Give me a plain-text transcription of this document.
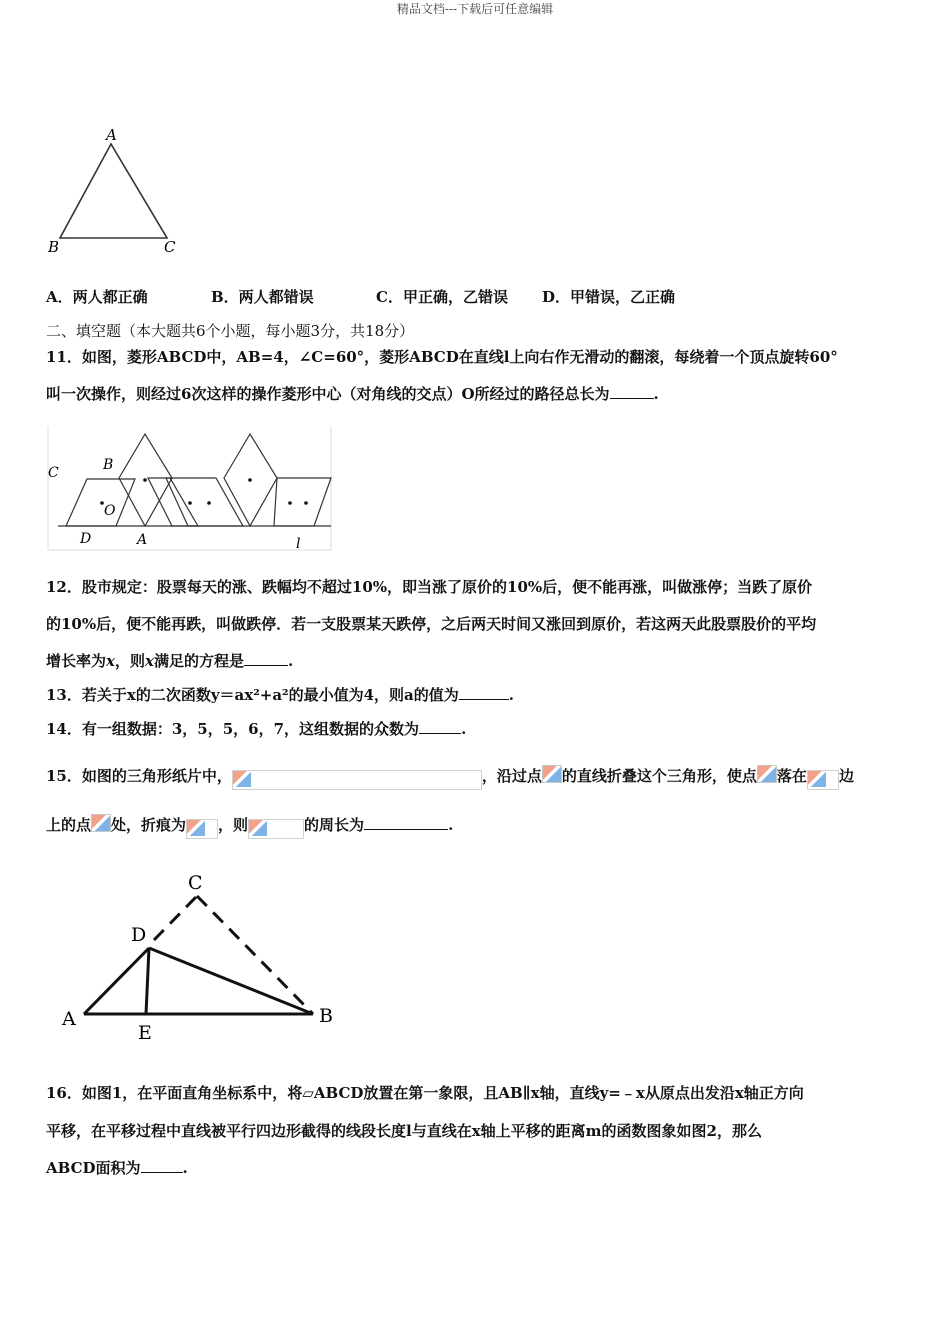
精品文档---下载后可任意编辑
A
B	C
A．两人都正确	B．两人都错误	C．甲正确，乙错误 D．甲错误，乙正确
二、填空题（本大题共6个小题，每小题3分，共18分）
11．如图，菱形ABCD中，AB=4，∠C=60°，菱形ABCD在直线l上向右作无滑动的翻滚，每绕着一个顶点旋转60°
叫一次操作，则经过6次这样的操作菱形中心（对角线的交点）O所经过的路径总长为	.
C	B
O
D	A	l
12．股市规定：股票每天的涨、跌幅均不超过10%，即当涨了原价的10%后，便不能再涨，叫做涨停；当跌了原价
的10%后，便不能再跌，叫做跌停．若一支股票某天跌停，之后两天时间又涨回到原价，若这两天此股票股价的平均
增长率为x，则x满足的方程是	.
13．若关于x的二次函数y＝ax²+a²的最小值为4，则a的值为	.
14．有一组数据：3，5，5，6，7，这组数据的众数为	.
15．如图的三角形纸片中，	，沿过点 的直线折叠这个三角形，使点 落在 边
上的点 处，折痕为 ，则	的周长为	.
C
D
A
E
B
16．如图1，在平面直角坐标系中，将▱ABCD放置在第一象限，且AB∥x轴，直线y=﹣x从原点出发沿x轴正方向
平移，在平移过程中直线被平行四边形截得的线段长度l与直线在x轴上平移的距离m的函数图象如图2，那么
ABCD面积为	.
